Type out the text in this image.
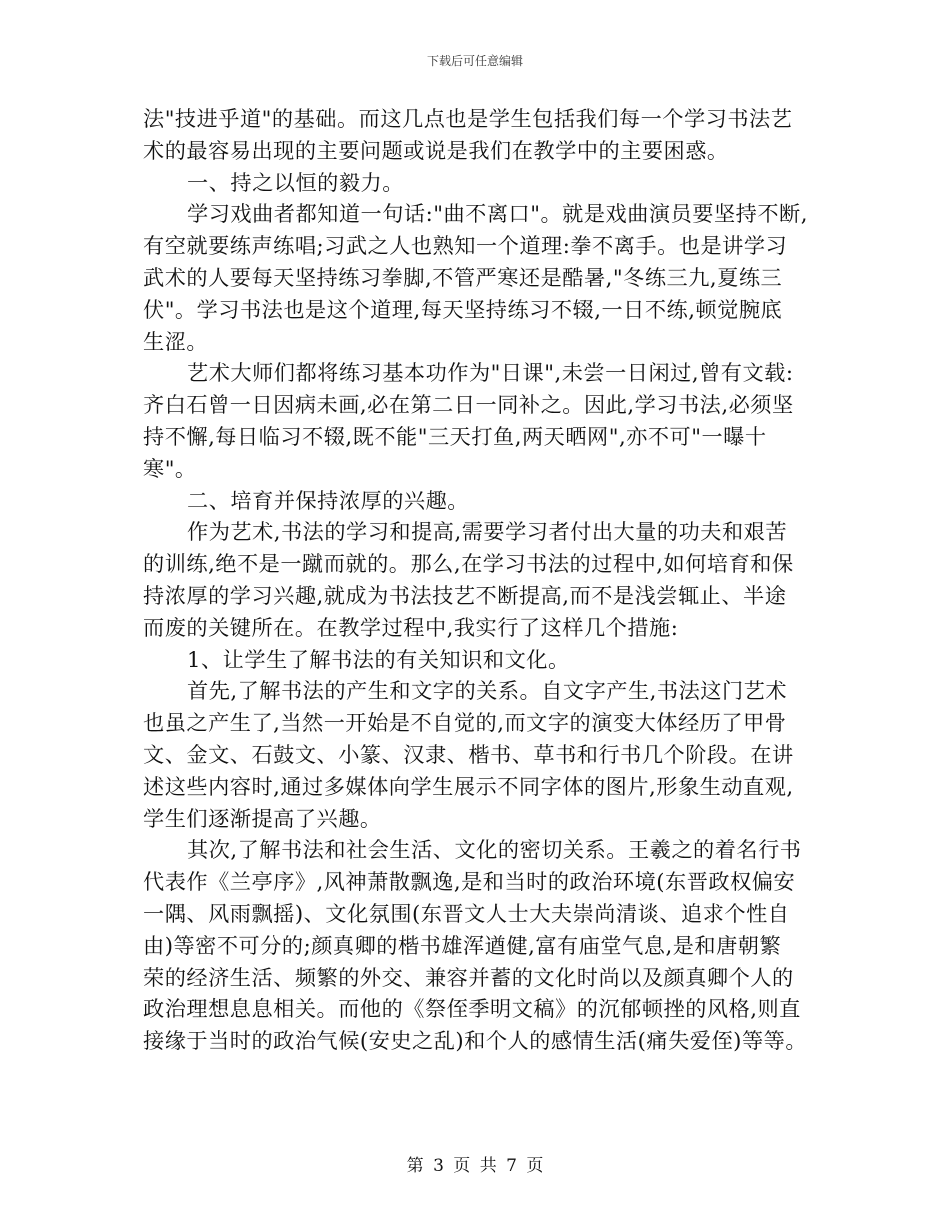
下载后可任意编辑
法"技进乎道"的基础。而这几点也是学生包括我们每一个学习书法艺
术的最容易出现的主要问题或说是我们在教学中的主要困惑。
一、持之以恒的毅力。
学习戏曲者都知道一句话:"曲不离口"。就是戏曲演员要坚持不断,
有空就要练声练唱;习武之人也熟知一个道理:拳不离手。也是讲学习
武术的人要每天坚持练习拳脚,不管严寒还是酷暑,"冬练三九,夏练三
伏"。学习书法也是这个道理,每天坚持练习不辍,一日不练,顿觉腕底
生涩。
艺术大师们都将练习基本功作为"日课",未尝一日闲过,曾有文载:
齐白石曾一日因病未画,必在第二日一同补之。因此,学习书法,必须坚
持不懈,每日临习不辍,既不能"三天打鱼,两天晒网",亦不可"一曝十
寒"。
二、培育并保持浓厚的兴趣。
作为艺术,书法的学习和提高,需要学习者付出大量的功夫和艰苦
的训练,绝不是一蹴而就的。那么,在学习书法的过程中,如何培育和保
持浓厚的学习兴趣,就成为书法技艺不断提高,而不是浅尝辄止、半途
而废的关键所在。在教学过程中,我实行了这样几个措施:
1、让学生了解书法的有关知识和文化。
首先,了解书法的产生和文字的关系。自文字产生,书法这门艺术
也虽之产生了,当然一开始是不自觉的,而文字的演变大体经历了甲骨
文、金文、石鼓文、小篆、汉隶、楷书、草书和行书几个阶段。在讲
述这些内容时,通过多媒体向学生展示不同字体的图片,形象生动直观,
学生们逐渐提高了兴趣。
其次,了解书法和社会生活、文化的密切关系。王羲之的着名行书
代表作《兰亭序》,风神萧散飘逸,是和当时的政治环境(东晋政权偏安
一隅、风雨飘摇)、文化氛围(东晋文人士大夫崇尚清谈、追求个性自
由)等密不可分的;颜真卿的楷书雄浑遒健,富有庙堂气息,是和唐朝繁
荣的经济生活、频繁的外交、兼容并蓄的文化时尚以及颜真卿个人的
政治理想息息相关。而他的《祭侄季明文稿》的沉郁顿挫的风格,则直
接缘于当时的政治气候(安史之乱)和个人的感情生活(痛失爱侄)等等。
第 3 页 共 7 页
